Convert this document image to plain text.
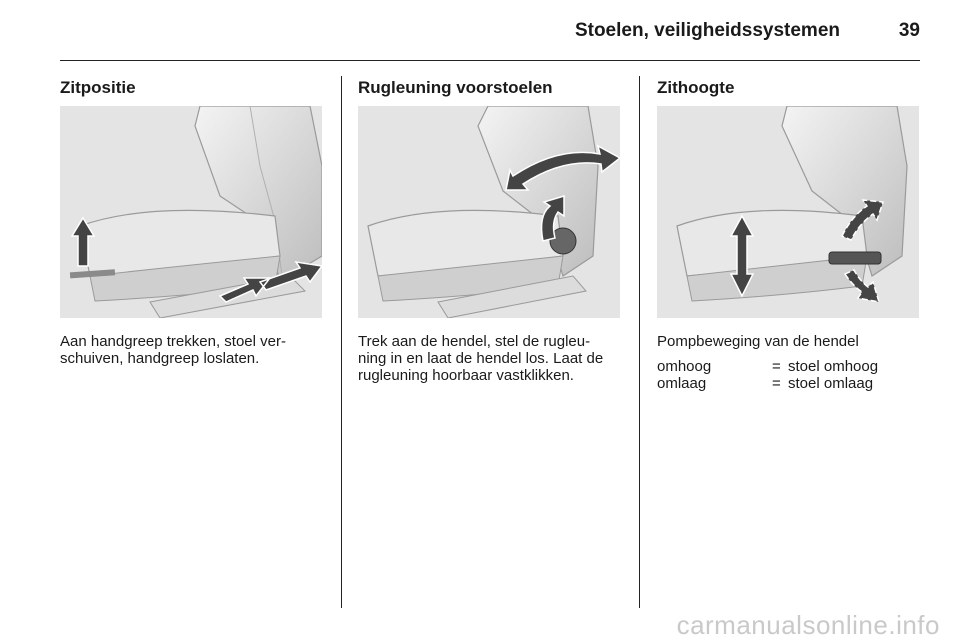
Stoelen, veiligheidssystemen	39
Zitpositie
Aan handgreep trekken, stoel ver-
schuiven, handgreep loslaten.
Rugleuning voorstoelen
Trek aan de hendel, stel de rugleu-
ning in en laat de hendel los. Laat de
rugleuning hoorbaar vastklikken.
Zithoogte
Pompbeweging van de hendel
omhoog	= stoel omhoog
omlaag	= stoel omlaag
carmanualsonline.info
